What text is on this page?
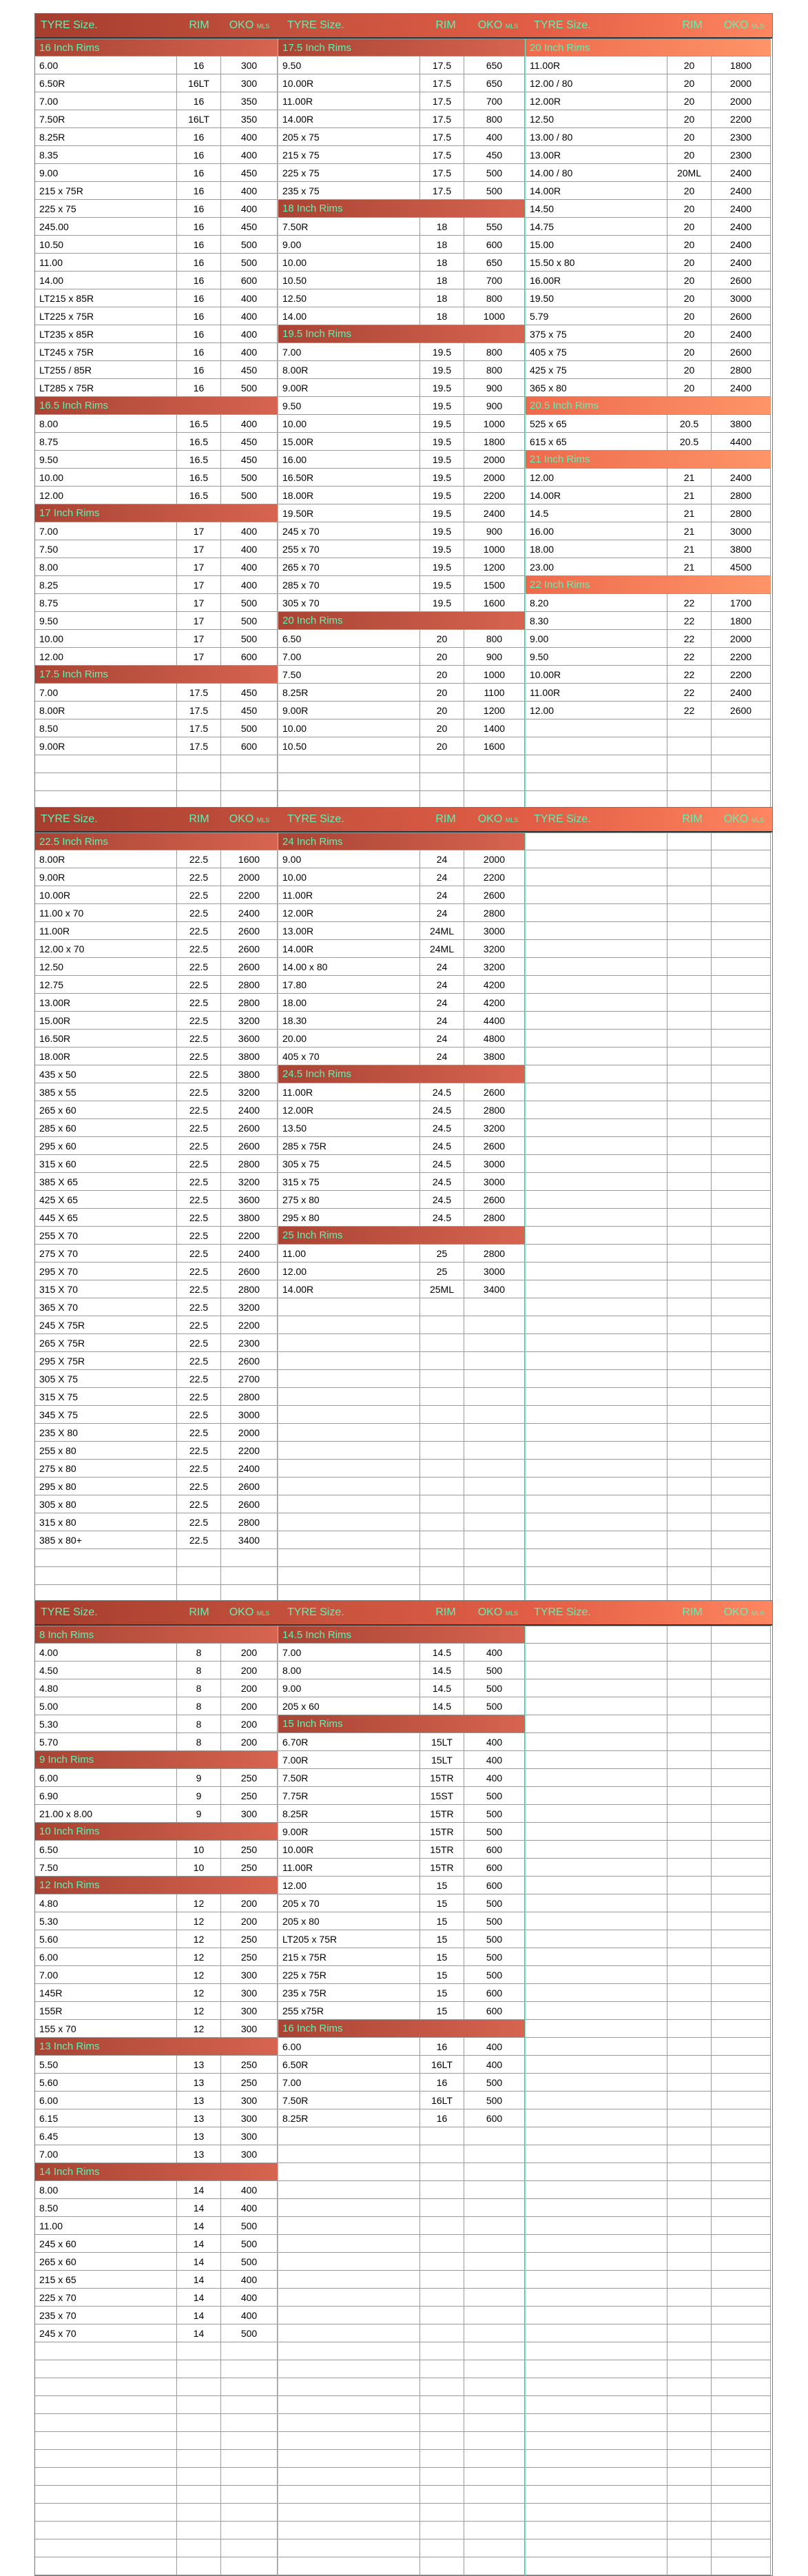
TYRE Size.	RIM	OKO MLS	TYRE Size.	RIM	OKO MLS	TYRE Size.	RIM	OKO MLS
16 Inch Rims
6.00	16	300
6.50R	16LT	300
7.00	16	350
7.50R	16LT	350
8.25R	16	400
8.35	16	400
9.00	16	450
215 x 75R	16	400
225 x 75	16	400
245.00	16	450
10.50	16	500
11.00	16	500
14.00	16	600
LT215 x 85R	16	400
LT225 x 75R	16	400
LT235 x 85R	16	400
LT245 x 75R	16	400
LT255 / 85R	16	450
LT285 x 75R	16	500
16.5 Inch Rims
8.00	16.5	400
8.75	16.5	450
9.50	16.5	450
10.00	16.5	500
12.00	16.5	500
17 Inch Rims
7.00	17	400
7.50	17	400
8.00	17	400
8.25	17	400
8.75	17	500
9.50	17	500
10.00	17	500
12.00	17	600
17.5 Inch Rims
7.00	17.5	450
8.00R	17.5	450
8.50	17.5	500
9.00R	17.5	600
17.5 Inch Rims
9.50	17.5	650
10.00R	17.5	650
11.00R	17.5	700
14.00R	17.5	800
205 x 75	17.5	400
215 x 75	17.5	450
225 x 75	17.5	500
235 x 75	17.5	500
18 Inch Rims
7.50R	18	550
9.00	18	600
10.00	18	650
10.50	18	700
12.50	18	800
14.00	18	1000
19.5 Inch Rims
7.00	19.5	800
8.00R	19.5	800
9.00R	19.5	900
9.50	19.5	900
10.00	19.5	1000
15.00R	19.5	1800
16.00	19.5	2000
16.50R	19.5	2000
18.00R	19.5	2200
19.50R	19.5	2400
245 x 70	19.5	900
255 x 70	19.5	1000
265 x 70	19.5	1200
285 x 70	19.5	1500
305 x 70	19.5	1600
20 Inch Rims
6.50	20	800
7.00	20	900
7.50	20	1000
8.25R	20	1100
9.00R	20	1200
10.00	20	1400
10.50	20	1600
20 Inch Rims
11.00R	20	1800
12.00 / 80	20	2000
12.00R	20	2000
12.50	20	2200
13.00 / 80	20	2300
13.00R	20	2300
14.00 / 80	20ML	2400
14.00R	20	2400
14.50	20	2400
14.75	20	2400
15.00	20	2400
15.50 x 80	20	2400
16.00R	20	2600
19.50	20	3000
5.79	20	2600
375 x 75	20	2400
405 x 75	20	2600
425 x 75	20	2800
365 x 80	20	2400
20.5 Inch Rims
525 x 65	20.5	3800
615 x 65	20.5	4400
21 Inch Rims
12.00	21	2400
14.00R	21	2800
14.5	21	2800
16.00	21	3000
18.00	21	3800
23.00	21	4500
22 Inch Rims
8.20	22	1700
8.30	22	1800
9.00	22	2000
9.50	22	2200
10.00R	22	2200
11.00R	22	2400
12.00	22	2600
TYRE Size.	RIM	OKO MLS	TYRE Size.	RIM	OKO MLS	TYRE Size.	RIM	OKO MLS
22.5 Inch Rims
8.00R	22.5	1600
9.00R	22.5	2000
10.00R	22.5	2200
11.00 x 70	22.5	2400
11.00R	22.5	2600
12.00 x 70	22.5	2600
12.50	22.5	2600
12.75	22.5	2800
13.00R	22.5	2800
15.00R	22.5	3200
16.50R	22.5	3600
18.00R	22.5	3800
435 x 50	22.5	3800
385 x 55	22.5	3200
265 x 60	22.5	2400
285 x 60	22.5	2600
295 x 60	22.5	2600
315 x 60	22.5	2800
385 X 65	22.5	3200
425 X 65	22.5	3600
445 X 65	22.5	3800
255 X 70	22.5	2200
275 X 70	22.5	2400
295 X 70	22.5	2600
315 X 70	22.5	2800
365 X 70	22.5	3200
245 X 75R	22.5	2200
265 X 75R	22.5	2300
295 X 75R	22.5	2600
305 X 75	22.5	2700
315 X 75	22.5	2800
345 X 75	22.5	3000
235 X 80	22.5	2000
255 x 80	22.5	2200
275 x 80	22.5	2400
295 x 80	22.5	2600
305 x 80	22.5	2600
315 x 80	22.5	2800
385 x 80+	22.5	3400
24 Inch Rims
9.00	24	2000
10.00	24	2200
11.00R	24	2600
12.00R	24	2800
13.00R	24ML	3000
14.00R	24ML	3200
14.00 x 80	24	3200
17.80	24	4200
18.00	24	4200
18.30	24	4400
20.00	24	4800
405 x 70	24	3800
24.5 Inch Rims
11.00R	24.5	2600
12.00R	24.5	2800
13.50	24.5	3200
285 x 75R	24.5	2600
305 x 75	24.5	3000
315 x 75	24.5	3000
275 x 80	24.5	2600
295 x 80	24.5	2800
25 Inch Rims
11.00	25	2800
12.00	25	3000
14.00R	25ML	3400
TYRE Size.	RIM	OKO MLS	TYRE Size.	RIM	OKO MLS	TYRE Size.	RIM	OKO MLS
8 Inch Rims
4.00	8	200
4.50	8	200
4.80	8	200
5.00	8	200
5.30	8	200
5.70	8	200
9 Inch Rims
6.00	9	250
6.90	9	250
21.00 x 8.00	9	300
10 Inch Rims
6.50	10	250
7.50	10	250
12 Inch Rims
4.80	12	200
5.30	12	200
5.60	12	250
6.00	12	250
7.00	12	300
145R	12	300
155R	12	300
155 x 70	12	300
13 Inch Rims
5.50	13	250
5.60	13	250
6.00	13	300
6.15	13	300
6.45	13	300
7.00	13	300
14 Inch Rims
8.00	14	400
8.50	14	400
11.00	14	500
245 x 60	14	500
265 x 60	14	500
215 x 65	14	400
225 x 70	14	400
235 x 70	14	400
245 x 70	14	500
14.5 Inch Rims
7.00	14.5	400
8.00	14.5	500
9.00	14.5	500
205 x 60	14.5	500
15 Inch Rims
6.70R	15LT	400
7.00R	15LT	400
7.50R	15TR	400
7.75R	15ST	500
8.25R	15TR	500
9.00R	15TR	500
10.00R	15TR	600
11.00R	15TR	600
12.00	15	600
205 x 70	15	500
205 x 80	15	500
LT205 x 75R	15	500
215 x 75R	15	500
225 x 75R	15	500
235 x 75R	15	600
255 x75R	15	600
16 Inch Rims
6.00	16	400
6.50R	16LT	400
7.00	16	500
7.50R	16LT	500
8.25R	16	600
